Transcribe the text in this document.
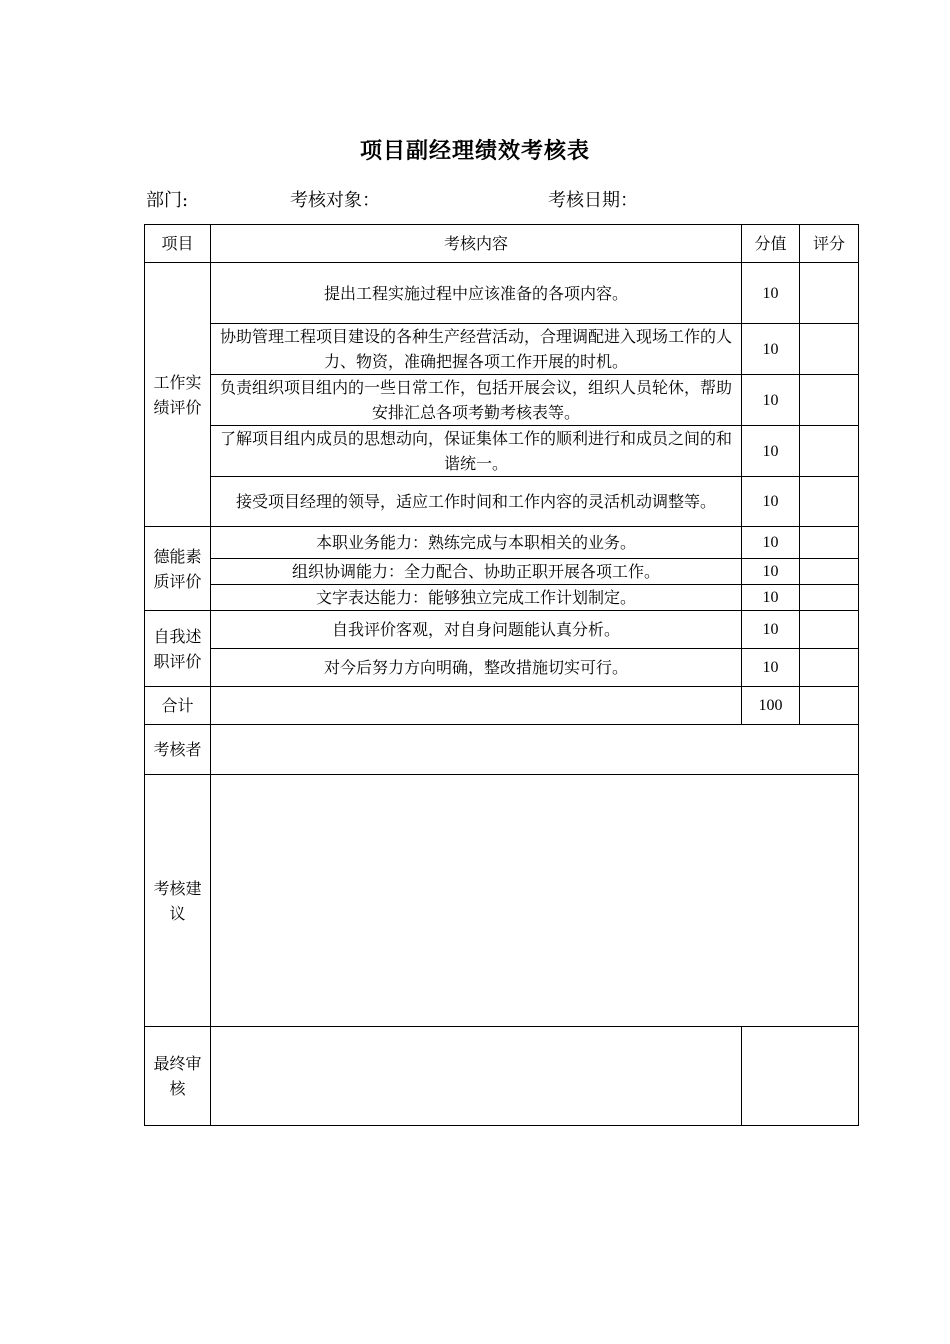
项目副经理绩效考核表
部门:	考核对象：	考核日期：
项目	考核内容	分值	评分
工作实绩评价	提出工程实施过程中应该准备的各项内容。	10	
	协助管理工程项目建设的各种生产经营活动，合理调配进入现场工作的人力、物资，准确把握各项工作开展的时机。	10	
	负责组织项目组内的一些日常工作，包括开展会议，组织人员轮休，帮助安排汇总各项考勤考核表等。	10	
	了解项目组内成员的思想动向，保证集体工作的顺利进行和成员之间的和谐统一。	10	
	接受项目经理的领导，适应工作时间和工作内容的灵活机动调整等。	10	
德能素质评价	本职业务能力：熟练完成与本职相关的业务。	10	
	组织协调能力：全力配合、协助正职开展各项工作。	10	
	文字表达能力：能够独立完成工作计划制定。	10	
自我述职评价	自我评价客观，对自身问题能认真分析。	10	
	对今后努力方向明确，整改措施切实可行。	10	
合计		100	
考核者			
考核建议			
最终审核			
